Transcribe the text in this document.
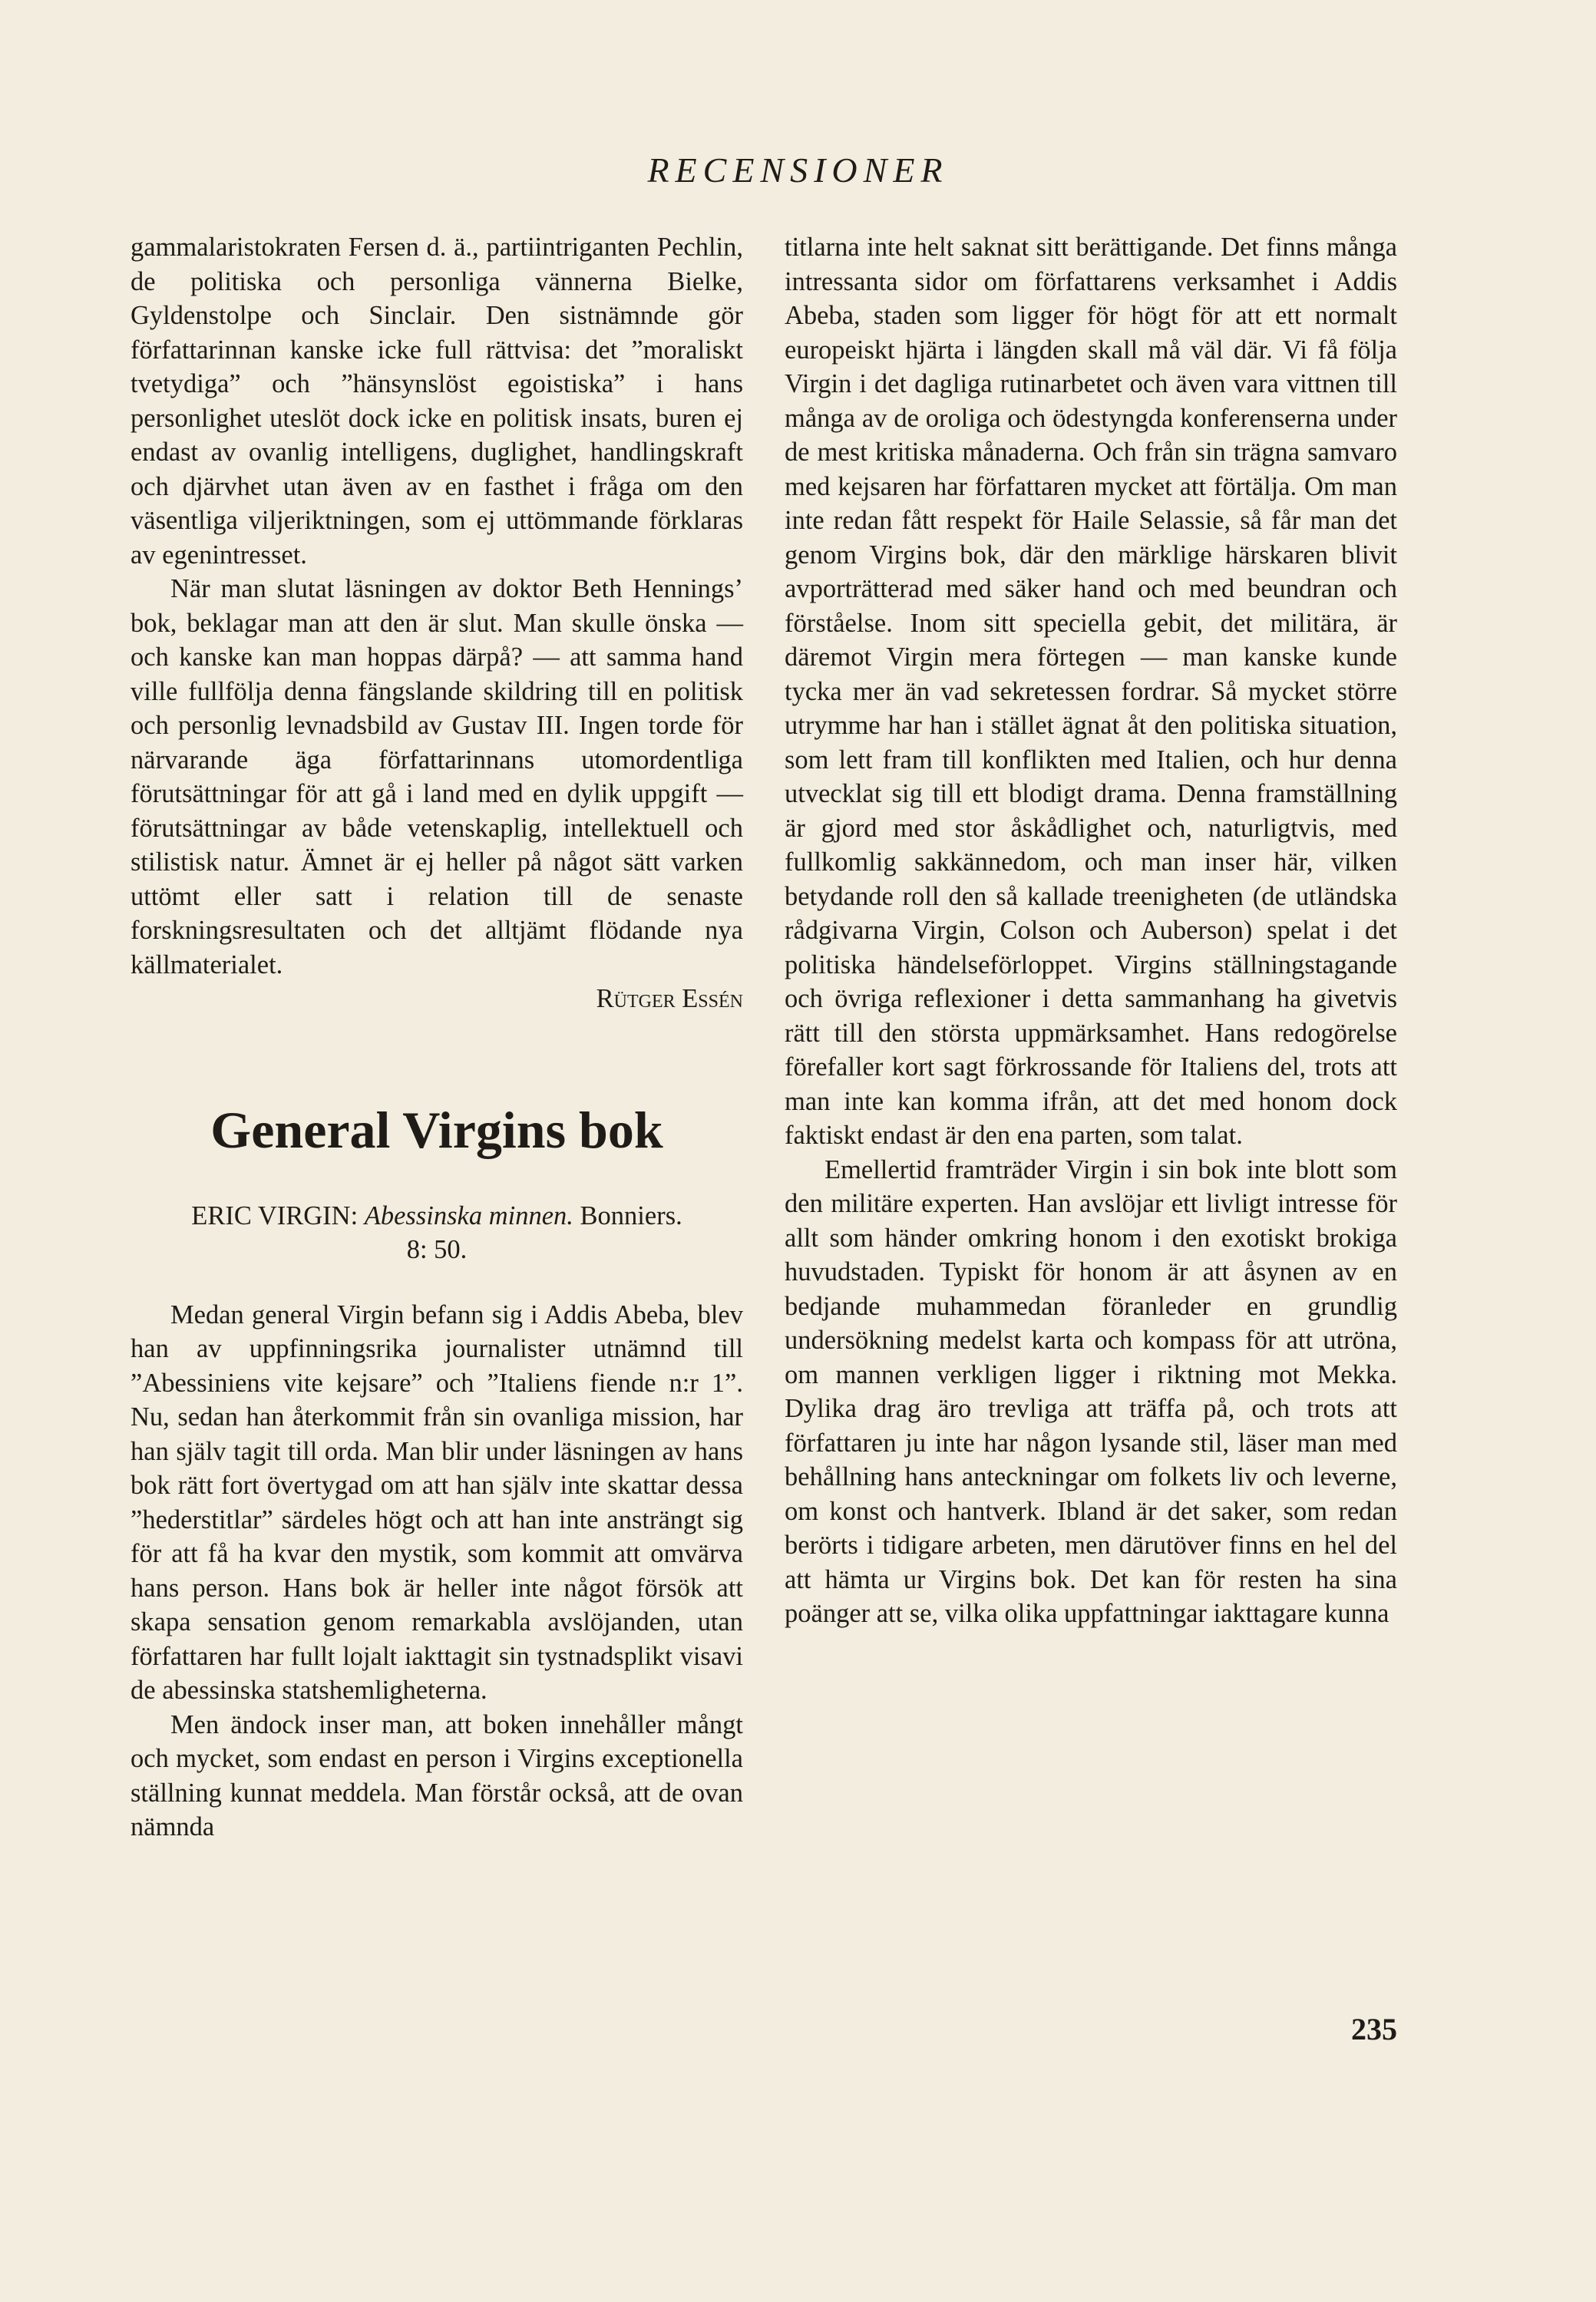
RECENSIONER

gammalaristokraten Fersen d. ä., partiintriganten Pechlin, de politiska och personliga vännerna Bielke, Gyldenstolpe och Sinclair. Den sistnämnde gör författarinnan kanske icke full rättvisa: det ”moraliskt tvetydiga” och ”hänsynslöst egoistiska” i hans personlighet uteslöt dock icke en politisk insats, buren ej endast av ovanlig intelligens, duglighet, handlingskraft och djärvhet utan även av en fasthet i fråga om den väsentliga viljeriktningen, som ej uttömmande förklaras av egenintresset.

När man slutat läsningen av doktor Beth Hennings’ bok, beklagar man att den är slut. Man skulle önska — och kanske kan man hoppas därpå? — att samma hand ville fullfölja denna fängslande skildring till en politisk och personlig levnadsbild av Gustav III. Ingen torde för närvarande äga författarinnans utomordentliga förutsättningar för att gå i land med en dylik uppgift — förutsättningar av både vetenskaplig, intellektuell och stilistisk natur. Ämnet är ej heller på något sätt varken uttömt eller satt i relation till de senaste forskningsresultaten och det alltjämt flödande nya källmaterialet.

Rütger Essén

General Virgins bok
ERIC VIRGIN: Abessinska minnen. Bonniers.
8: 50.

Medan general Virgin befann sig i Addis Abeba, blev han av uppfinningsrika journalister utnämnd till ”Abessiniens vite kejsare” och ”Italiens fiende n:r 1”. Nu, sedan han återkommit från sin ovanliga mission, har han själv tagit till orda. Man blir under läsningen av hans bok rätt fort övertygad om att han själv inte skattar dessa ”hederstitlar” särdeles högt och att han inte ansträngt sig för att få ha kvar den mystik, som kommit att omvärva hans person. Hans bok är heller inte något försök att skapa sensation genom remarkabla avslöjanden, utan författaren har fullt lojalt iakttagit sin tystnadsplikt visavi de abessinska statshemligheterna.

Men ändock inser man, att boken innehåller mångt och mycket, som endast en person i Virgins exceptionella ställning kunnat meddela. Man förstår också, att de ovan nämnda

titlarna inte helt saknat sitt berättigande. Det finns många intressanta sidor om författarens verksamhet i Addis Abeba, staden som ligger för högt för att ett normalt europeiskt hjärta i längden skall må väl där. Vi få följa Virgin i det dagliga rutinarbetet och även vara vittnen till många av de oroliga och ödestyngda konferenserna under de mest kritiska månaderna. Och från sin trägna samvaro med kejsaren har författaren mycket att förtälja. Om man inte redan fått respekt för Haile Selassie, så får man det genom Virgins bok, där den märklige härskaren blivit avporträtterad med säker hand och med beundran och förståelse. Inom sitt speciella gebit, det militära, är däremot Virgin mera förtegen — man kanske kunde tycka mer än vad sekretessen fordrar. Så mycket större utrymme har han i stället ägnat åt den politiska situation, som lett fram till konflikten med Italien, och hur denna utvecklat sig till ett blodigt drama. Denna framställning är gjord med stor åskådlighet och, naturligtvis, med fullkomlig sakkännedom, och man inser här, vilken betydande roll den så kallade treenigheten (de utländska rådgivarna Virgin, Colson och Auberson) spelat i det politiska händelseförloppet. Virgins ställningstagande och övriga reflexioner i detta sammanhang ha givetvis rätt till den största uppmärksamhet. Hans redogörelse förefaller kort sagt förkrossande för Italiens del, trots att man inte kan komma ifrån, att det med honom dock faktiskt endast är den ena parten, som talat.

Emellertid framträder Virgin i sin bok inte blott som den militäre experten. Han avslöjar ett livligt intresse för allt som händer omkring honom i den exotiskt brokiga huvudstaden. Typiskt för honom är att åsynen av en bedjande muhammedan föranleder en grundlig undersökning medelst karta och kompass för att utröna, om mannen verkligen ligger i riktning mot Mekka. Dylika drag äro trevliga att träffa på, och trots att författaren ju inte har någon lysande stil, läser man med behållning hans anteckningar om folkets liv och leverne, om konst och hantverk. Ibland är det saker, som redan berörts i tidigare arbeten, men därutöver finns en hel del att hämta ur Virgins bok. Det kan för resten ha sina poänger att se, vilka olika uppfattningar iakttagare kunna

235
